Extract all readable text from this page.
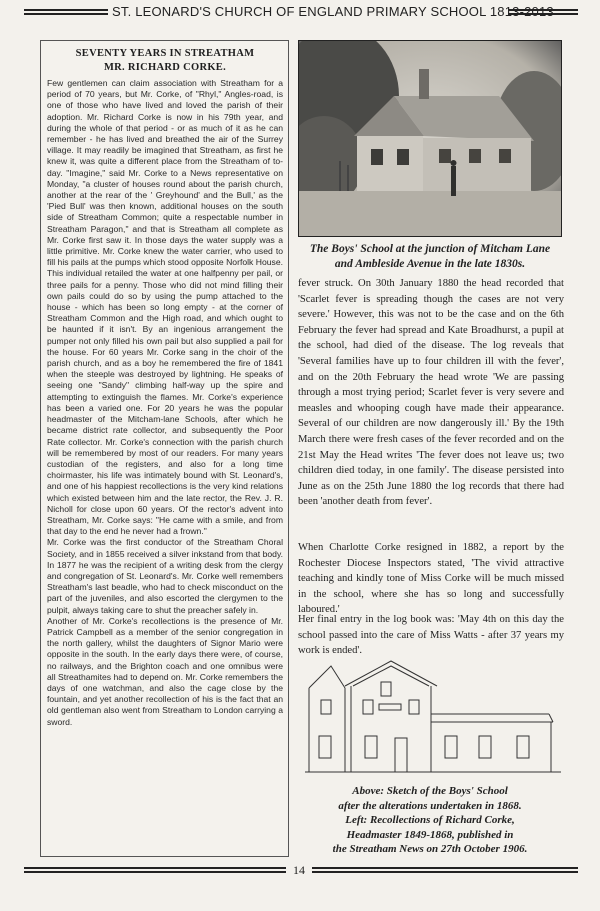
ST. LEONARD'S CHURCH OF ENGLAND PRIMARY SCHOOL 1813-2013
SEVENTY YEARS IN STREATHAM
MR. RICHARD CORKE.

Few gentlemen can claim association with Streatham for a period of 70 years, but Mr. Corke, of "Rhyl," Angles-road, is one of those who have lived and loved the parish of their adoption. Mr. Richard Corke is now in his 79th year, and during the whole of that period - or as much of it as he can remember - he has lived and breathed the air of the Surrey village. It may readily be imagined that Streatham, as first he knew it, was quite a different place from the Streatham of to-day. "Imagine," said Mr. Corke to a News representative on Monday, "a cluster of houses round about the parish church, another at the rear of the ' Greyhound' and the Bull,' as the 'Pied Bull' was then known, additional houses on the south side of Streatham Common; quite a respectable number in Streatham Paragon," and that is Streatham all complete as Mr. Corke first saw it. In those days the water supply was a little primitive. Mr. Corke knew the water carrier, who used to fill his pails at the pumps which stood opposite Norfolk House. This individual retailed the water at one halfpenny per pail, or three pails for a penny. Those who did not mind filling their own pails could do so by using the pump attached to the house - which has been so long empty - at the corner of Streatham Common and the High road, and which ought to be haunted if it isn't. By an ingenious arrangement the pumper not only filled his own pail but also supplied a pail for the house. For 60 years Mr. Corke sang in the choir of the parish church, and as a boy he remembered the fire of 1841 when the steeple was destroyed by lightning. He speaks of seeing one "Sandy" climbing half-way up the spire and attempting to extinguish the flames. Mr. Corke's experience has been a varied one. For 20 years he was the popular headmaster of the Mitcham-lane Schools, after which he became district rate collector, and subsequently the Poor Rate collector. Mr. Corke's connection with the parish church will be remembered by most of our readers. For many years custodian of the registers, and also for a long time choirmaster, his life was intimately bound with St. Leonard's, and one of his happiest recollections is the very kind relations which existed between him and the late rector, the Rev. J. R. Nicholl for close upon 60 years. Of the rector's advent into Streatham, Mr. Corke says: "He came with a smile, and from that day to the end he never had a frown."

Mr. Corke was the first conductor of the Streatham Choral Society, and in 1855 received a silver inkstand from that body. In 1877 he was the recipient of a writing desk from the clergy and congregation of St. Leonard's. Mr. Corke well remembers Streatham's last beadle, who had to check misconduct on the part of the juveniles, and also escorted the clergymen to the pulpit, always taking care to shut the preacher safely in.

Another of Mr. Corke's recollections is the presence of Mr. Patrick Campbell as a member of the senior congregation in the north gallery, whilst the daughters of Signor Mario were opposite in the south. In the early days there were, of course, no railways, and the Brighton coach and one omnibus were all Streathamites had to depend on. Mr. Corke remembers the days of one watchman, and also the cage close by the fountain, and yet another recollection of his is the fact that an old gentleman also went from Streatham to London carrying a sword.

The Boys' School at the junction of Mitcham Lane
and Ambleside Avenue in the late 1830s.

fever struck. On 30th January 1880 the head recorded that 'Scarlet fever is spreading though the cases are not very severe.' However, this was not to be the case and on the 6th February the fever had spread and Kate Broadhurst, a pupil at the school, had died of the disease. The log reveals that 'Several families have up to four children ill with the fever', and on the 20th February the head wrote 'We are passing through a most trying period; Scarlet fever is very severe and measles and whooping cough have made their appearance. Several of our children are now dangerously ill.' By the 19th March there were fresh cases of the fever recorded and on the 21st May the Head writes 'The fever does not leave us; two children died today, in one family'. The disease persisted into June as on the 25th June 1880 the log records that there had been 'another death from fever'.

When Charlotte Corke resigned in 1882, a report by the Rochester Diocese Inspectors stated, 'The vivid attractive teaching and kindly tone of Miss Corke will be much missed in the school, where she has so long and successfully laboured.'

Her final entry in the log book was: 'May 4th on this day the school passed into the care of Miss Watts - after 37 years my work is ended'.

Above: Sketch of the Boys' School
after the alterations undertaken in 1868.
Left: Recollections of Richard Corke,
Headmaster 1849-1868, published in
the Streatham News on 27th October 1906.
14
